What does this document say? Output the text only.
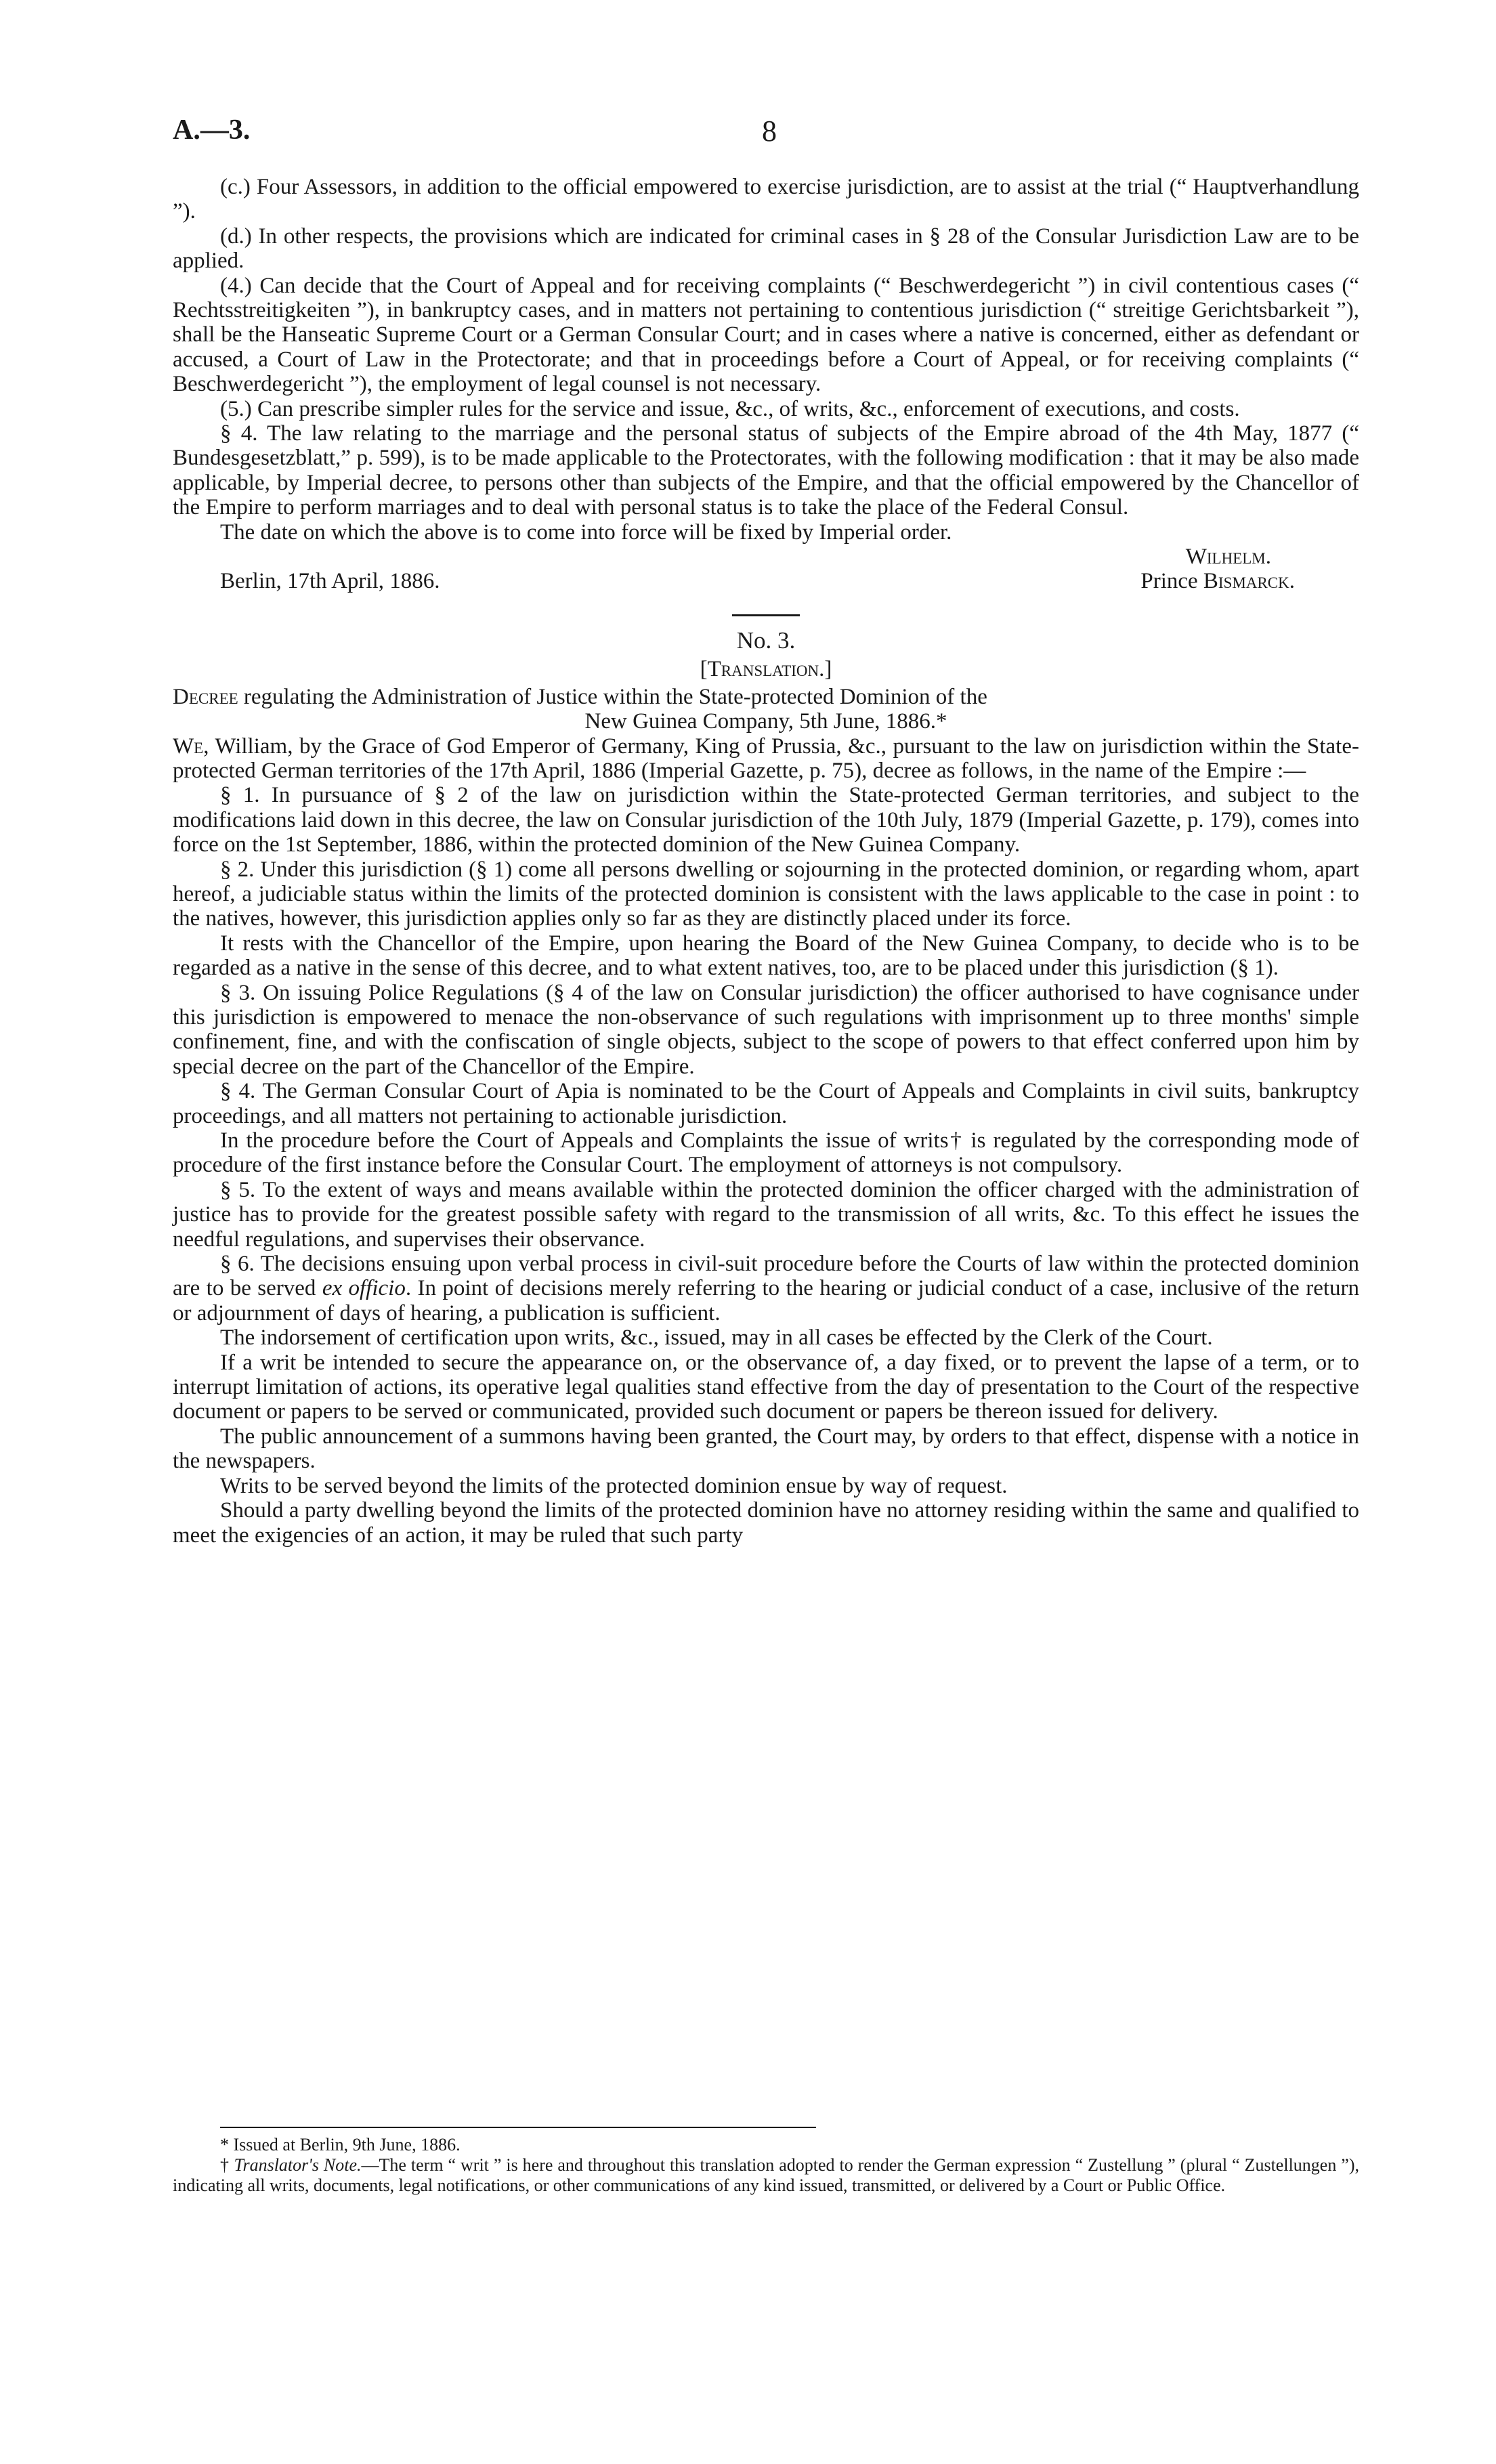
A.—3.	8

(c.) Four Assessors, in addition to the official empowered to exercise jurisdiction, are to assist at the trial (“ Hauptverhandlung ”).

(d.) In other respects, the provisions which are indicated for criminal cases in § 28 of the Consular Jurisdiction Law are to be applied.

(4.) Can decide that the Court of Appeal and for receiving complaints (“ Beschwerdegericht ”) in civil contentious cases (“ Rechtsstreitigkeiten ”), in bankruptcy cases, and in matters not pertaining to contentious jurisdiction (“ streitige Gerichtsbarkeit ”), shall be the Hanseatic Supreme Court or a German Consular Court; and in cases where a native is concerned, either as defendant or accused, a Court of Law in the Protectorate; and that in proceedings before a Court of Appeal, or for receiving complaints (“ Beschwerdegericht ”), the employment of legal counsel is not necessary.

(5.) Can prescribe simpler rules for the service and issue, &c., of writs, &c., enforcement of executions, and costs.

§ 4. The law relating to the marriage and the personal status of subjects of the Empire abroad of the 4th May, 1877 (“ Bundesgesetzblatt,” p. 599), is to be made applicable to the Protectorates, with the following modification : that it may be also made applicable, by Imperial decree, to persons other than subjects of the Empire, and that the official empowered by the Chancellor of the Empire to perform marriages and to deal with personal status is to take the place of the Federal Consul.

The date on which the above is to come into force will be fixed by Imperial order.

Wilhelm.
Berlin, 17th April, 1886.	Prince Bismarck.

No. 3.

[Translation.]

Decree regulating the Administration of Justice within the State-protected Dominion of the

New Guinea Company, 5th June, 1886.*

We, William, by the Grace of God Emperor of Germany, King of Prussia, &c., pursuant to the law on jurisdiction within the State-protected German territories of the 17th April, 1886 (Imperial Gazette, p. 75), decree as follows, in the name of the Empire :—

§ 1. In pursuance of § 2 of the law on jurisdiction within the State-protected German territories, and subject to the modifications laid down in this decree, the law on Consular jurisdiction of the 10th July, 1879 (Imperial Gazette, p. 179), comes into force on the 1st September, 1886, within the protected dominion of the New Guinea Company.

§ 2. Under this jurisdiction (§ 1) come all persons dwelling or sojourning in the protected dominion, or regarding whom, apart hereof, a judiciable status within the limits of the protected dominion is consistent with the laws applicable to the case in point : to the natives, however, this jurisdiction applies only so far as they are distinctly placed under its force.

It rests with the Chancellor of the Empire, upon hearing the Board of the New Guinea Company, to decide who is to be regarded as a native in the sense of this decree, and to what extent natives, too, are to be placed under this jurisdiction (§ 1).

§ 3. On issuing Police Regulations (§ 4 of the law on Consular jurisdiction) the officer authorised to have cognisance under this jurisdiction is empowered to menace the non-observance of such regulations with imprisonment up to three months' simple confinement, fine, and with the confiscation of single objects, subject to the scope of powers to that effect conferred upon him by special decree on the part of the Chancellor of the Empire.

§ 4. The German Consular Court of Apia is nominated to be the Court of Appeals and Complaints in civil suits, bankruptcy proceedings, and all matters not pertaining to actionable jurisdiction.

In the procedure before the Court of Appeals and Complaints the issue of writs† is regulated by the corresponding mode of procedure of the first instance before the Consular Court. The employment of attorneys is not compulsory.

§ 5. To the extent of ways and means available within the protected dominion the officer charged with the administration of justice has to provide for the greatest possible safety with regard to the transmission of all writs, &c. To this effect he issues the needful regulations, and supervises their observance.

§ 6. The decisions ensuing upon verbal process in civil-suit procedure before the Courts of law within the protected dominion are to be served ex officio. In point of decisions merely referring to the hearing or judicial conduct of a case, inclusive of the return or adjournment of days of hearing, a publication is sufficient.

The indorsement of certification upon writs, &c., issued, may in all cases be effected by the Clerk of the Court.

If a writ be intended to secure the appearance on, or the observance of, a day fixed, or to prevent the lapse of a term, or to interrupt limitation of actions, its operative legal qualities stand effective from the day of presentation to the Court of the respective document or papers to be served or communicated, provided such document or papers be thereon issued for delivery.

The public announcement of a summons having been granted, the Court may, by orders to that effect, dispense with a notice in the newspapers.

Writs to be served beyond the limits of the protected dominion ensue by way of request.

Should a party dwelling beyond the limits of the protected dominion have no attorney residing within the same and qualified to meet the exigencies of an action, it may be ruled that such party

* Issued at Berlin, 9th June, 1886.

† Translator's Note.—The term “ writ ” is here and throughout this translation adopted to render the German expression “ Zustellung ” (plural “ Zustellungen ”), indicating all writs, documents, legal notifications, or other communications of any kind issued, transmitted, or delivered by a Court or Public Office.
